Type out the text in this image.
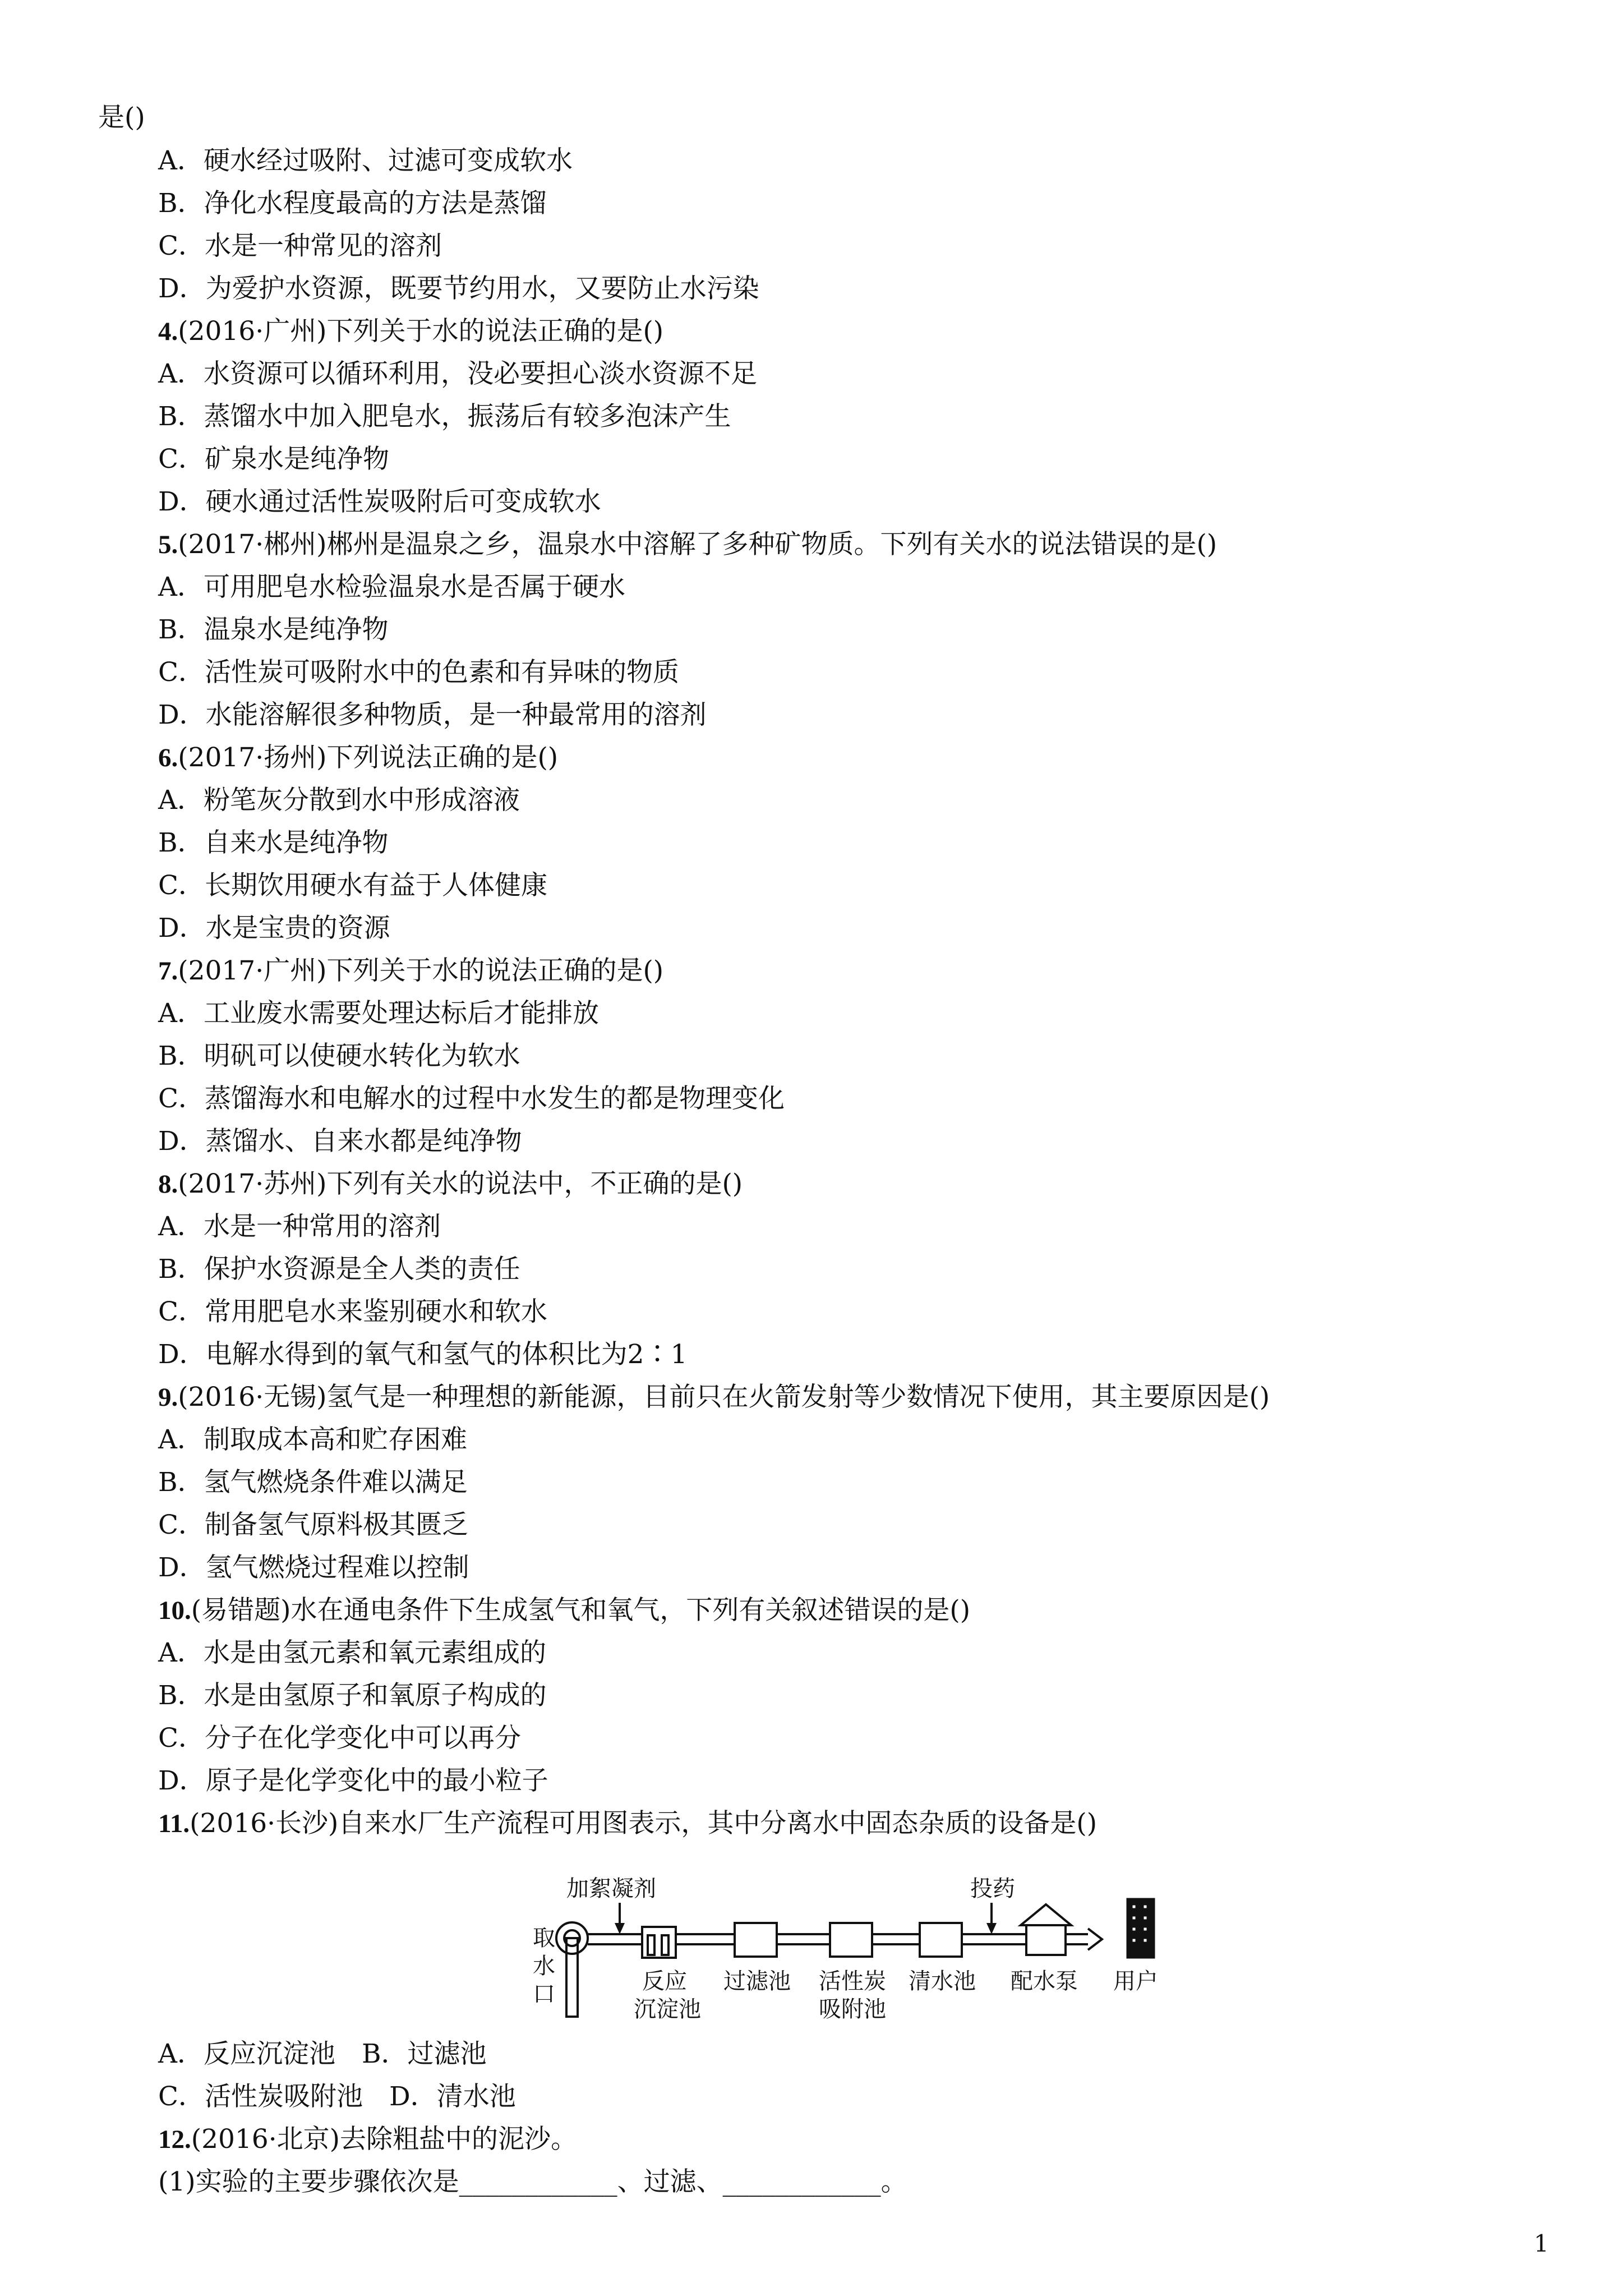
是()
A．硬水经过吸附、过滤可变成软水
B．净化水程度最高的方法是蒸馏
C．水是一种常见的溶剂
D．为爱护水资源，既要节约用水，又要防止水污染
4.(2016·广州)下列关于水的说法正确的是()
A．水资源可以循环利用，没必要担心淡水资源不足
B．蒸馏水中加入肥皂水，振荡后有较多泡沫产生
C．矿泉水是纯净物
D．硬水通过活性炭吸附后可变成软水
5.(2017·郴州)郴州是温泉之乡，温泉水中溶解了多种矿物质。下列有关水的说法错误的是()
A．可用肥皂水检验温泉水是否属于硬水
B．温泉水是纯净物
C．活性炭可吸附水中的色素和有异味的物质
D．水能溶解很多种物质，是一种最常用的溶剂
6.(2017·扬州)下列说法正确的是()
A．粉笔灰分散到水中形成溶液
B．自来水是纯净物
C．长期饮用硬水有益于人体健康
D．水是宝贵的资源
7.(2017·广州)下列关于水的说法正确的是()
A．工业废水需要处理达标后才能排放
B．明矾可以使硬水转化为软水
C．蒸馏海水和电解水的过程中水发生的都是物理变化
D．蒸馏水、自来水都是纯净物
8.(2017·苏州)下列有关水的说法中，不正确的是()
A．水是一种常用的溶剂
B．保护水资源是全人类的责任
C．常用肥皂水来鉴别硬水和软水
D．电解水得到的氧气和氢气的体积比为2∶1
9.(2016·无锡)氢气是一种理想的新能源，目前只在火箭发射等少数情况下使用，其主要原因是()
A．制取成本高和贮存困难
B．氢气燃烧条件难以满足
C．制备氢气原料极其匮乏
D．氢气燃烧过程难以控制
10.(易错题)水在通电条件下生成氢气和氧气，下列有关叙述错误的是()
A．水是由氢元素和氧元素组成的
B．水是由氢原子和氧原子构成的
C．分子在化学变化中可以再分
D．原子是化学变化中的最小粒子
11.(2016·长沙)自来水厂生产流程可用图表示，其中分离水中固态杂质的设备是()
取
水
口
加絮凝剂	投药
反应
沉淀池
过滤池 活性炭
吸附池
清水池 配水泵 用户
A．反应沉淀池　B．过滤池
C．活性炭吸附池　D．清水池
12.(2016·北京)去除粗盐中的泥沙。
(1)实验的主要步骤依次是____________、过滤、____________。
1
